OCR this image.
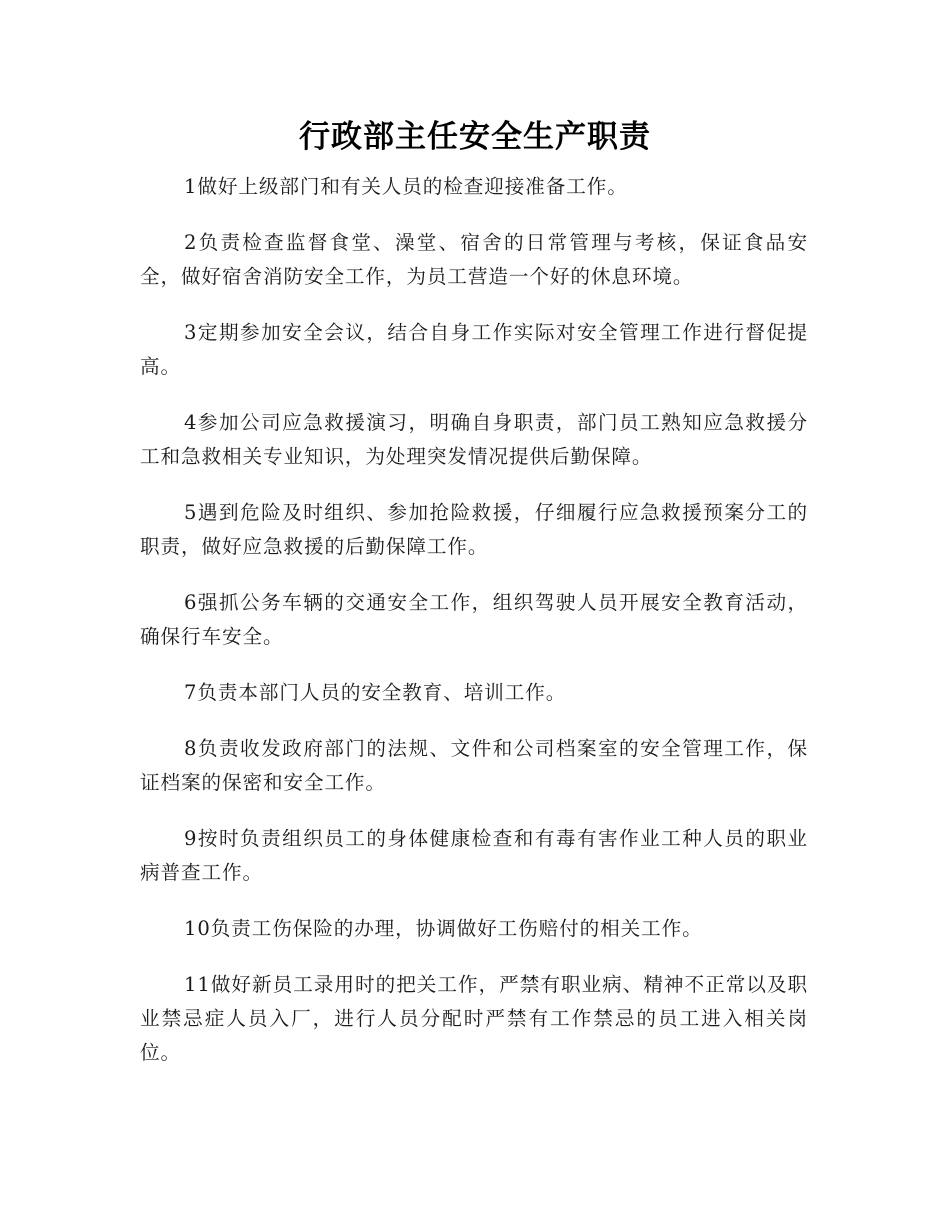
行政部主任安全生产职责

1做好上级部门和有关人员的检查迎接准备工作。

2负责检查监督食堂、澡堂、宿舍的日常管理与考核，保证食品安全，做好宿舍消防安全工作，为员工营造一个好的休息环境。

3定期参加安全会议，结合自身工作实际对安全管理工作进行督促提高。

4参加公司应急救援演习，明确自身职责，部门员工熟知应急救援分工和急救相关专业知识，为处理突发情况提供后勤保障。

5遇到危险及时组织、参加抢险救援，仔细履行应急救援预案分工的职责，做好应急救援的后勤保障工作。

6强抓公务车辆的交通安全工作，组织驾驶人员开展安全教育活动，确保行车安全。

7负责本部门人员的安全教育、培训工作。

8负责收发政府部门的法规、文件和公司档案室的安全管理工作，保证档案的保密和安全工作。

9按时负责组织员工的身体健康检查和有毒有害作业工种人员的职业病普查工作。

10负责工伤保险的办理，协调做好工伤赔付的相关工作。

11做好新员工录用时的把关工作，严禁有职业病、精神不正常以及职业禁忌症人员入厂，进行人员分配时严禁有工作禁忌的员工进入相关岗位。
